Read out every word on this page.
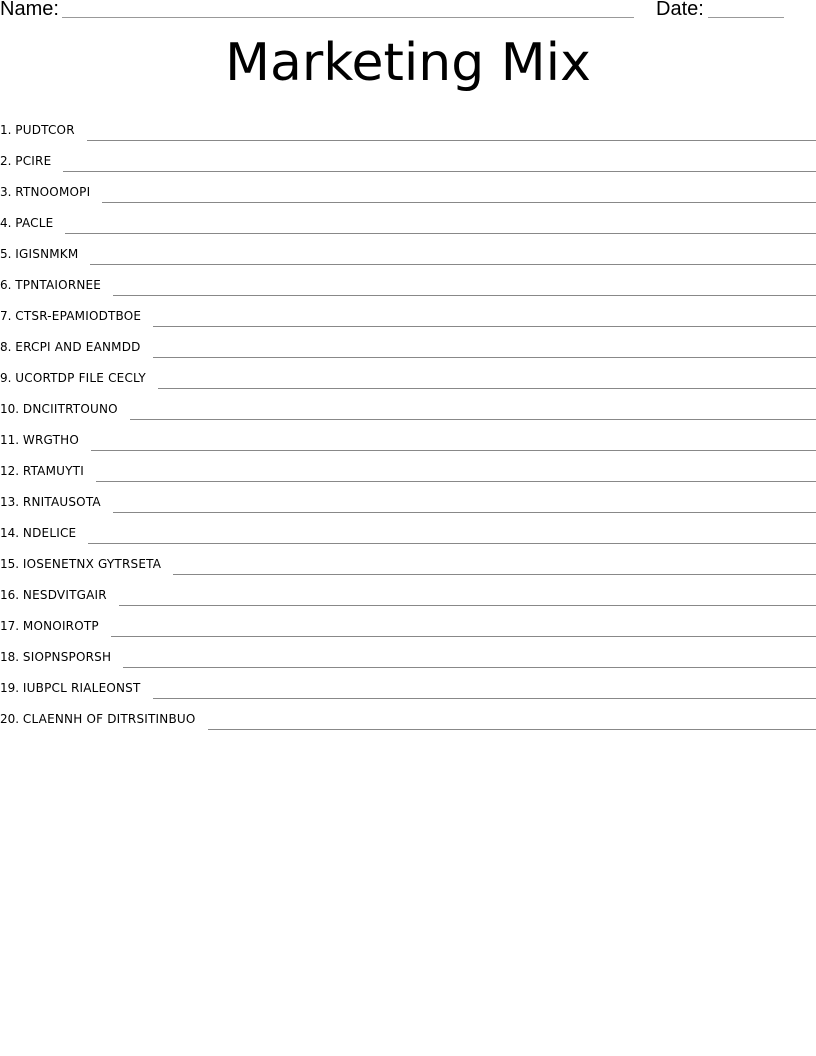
Name:	Date:
Marketing Mix
1.
PUDTCOR
2.
PCIRE
3.
RTNOOMOPI
4.
PACLE
5.
IGISNMKM
6.
TPNTAIORNEE
7.
CTSR-EPAMIODTBOE
8.
ERCPI AND EANMDD
9.
UCORTDP FILE CECLY
10.
DNCIITRTOUNO
11.
WRGTHO
12.
RTAMUYTI
13.
RNITAUSOTA
14.
NDELICE
15.
IOSENETNX GYTRSETA
16.
NESDVITGAIR
17.
MONOIROTP
18.
SIOPNSPORSH
19.
IUBPCL RIALEONST
20.
CLAENNH OF DITRSITINBUO
